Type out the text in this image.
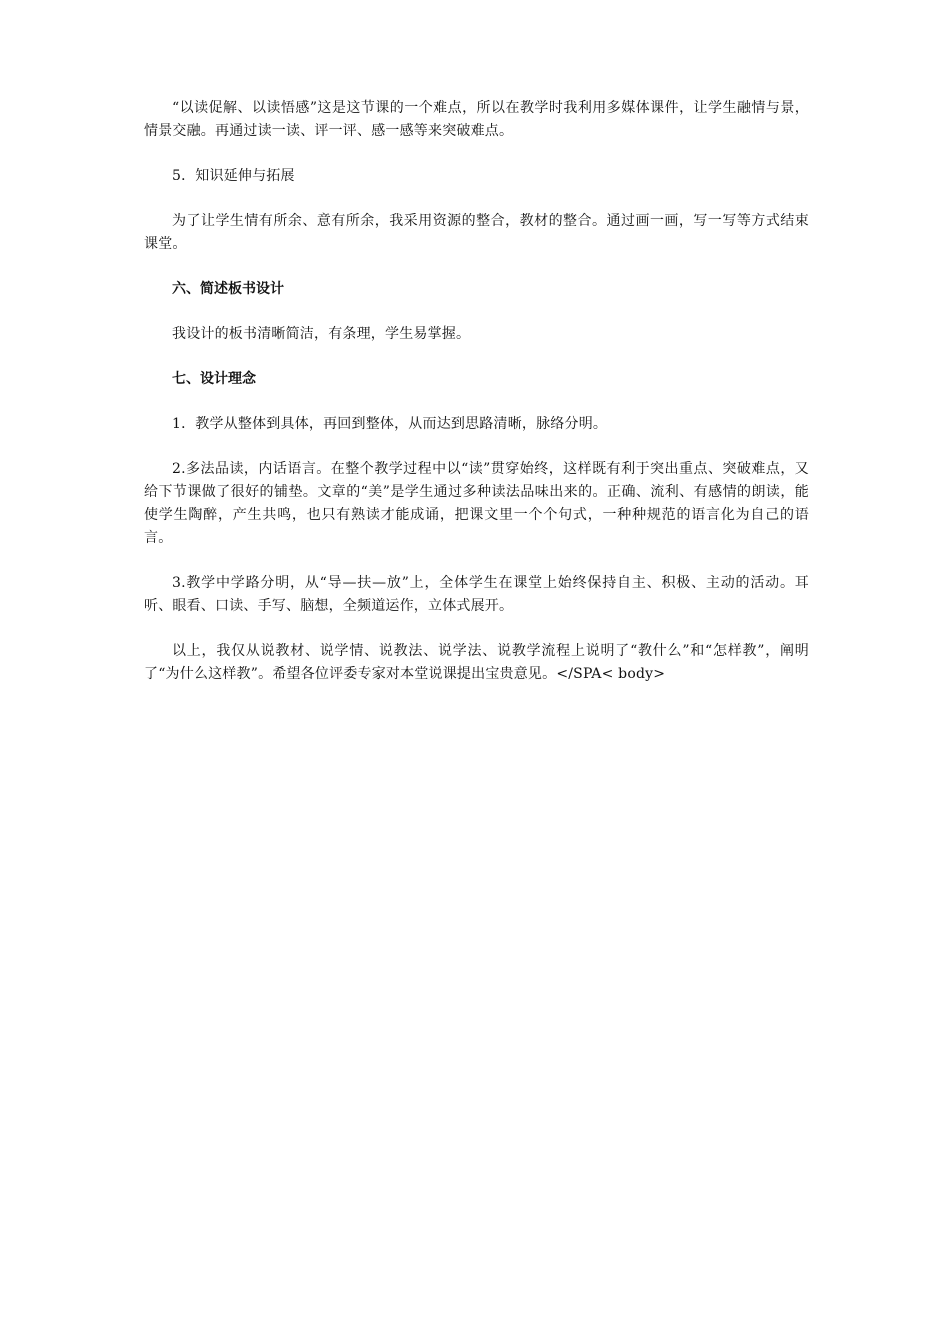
“以读促解、以读悟感”这是这节课的一个难点，所以在教学时我利用多媒体课件，让学生融情与景，情景交融。再通过读一读、评一评、感一感等来突破难点。

5．知识延伸与拓展

为了让学生情有所余、意有所余，我采用资源的整合，教材的整合。通过画一画，写一写等方式结束课堂。

六、简述板书设计

我设计的板书清晰简洁，有条理，学生易掌握。

七、设计理念

1．教学从整体到具体，再回到整体，从而达到思路清晰，脉络分明。

2.多法品读，内话语言。在整个教学过程中以“读”贯穿始终，这样既有利于突出重点、突破难点，又给下节课做了很好的铺垫。文章的“美”是学生通过多种读法品味出来的。正确、流利、有感情的朗读，能使学生陶醉，产生共鸣，也只有熟读才能成诵，把课文里一个个句式，一种种规范的语言化为自己的语言。

3.教学中学路分明，从“导—扶—放”上，全体学生在课堂上始终保持自主、积极、主动的活动。耳听、眼看、口读、手写、脑想，全频道运作，立体式展开。

以上，我仅从说教材、说学情、说教法、说学法、说教学流程上说明了“教什么”和“怎样教”，阐明了“为什么这样教”。希望各位评委专家对本堂说课提出宝贵意见。</SPA< body>
